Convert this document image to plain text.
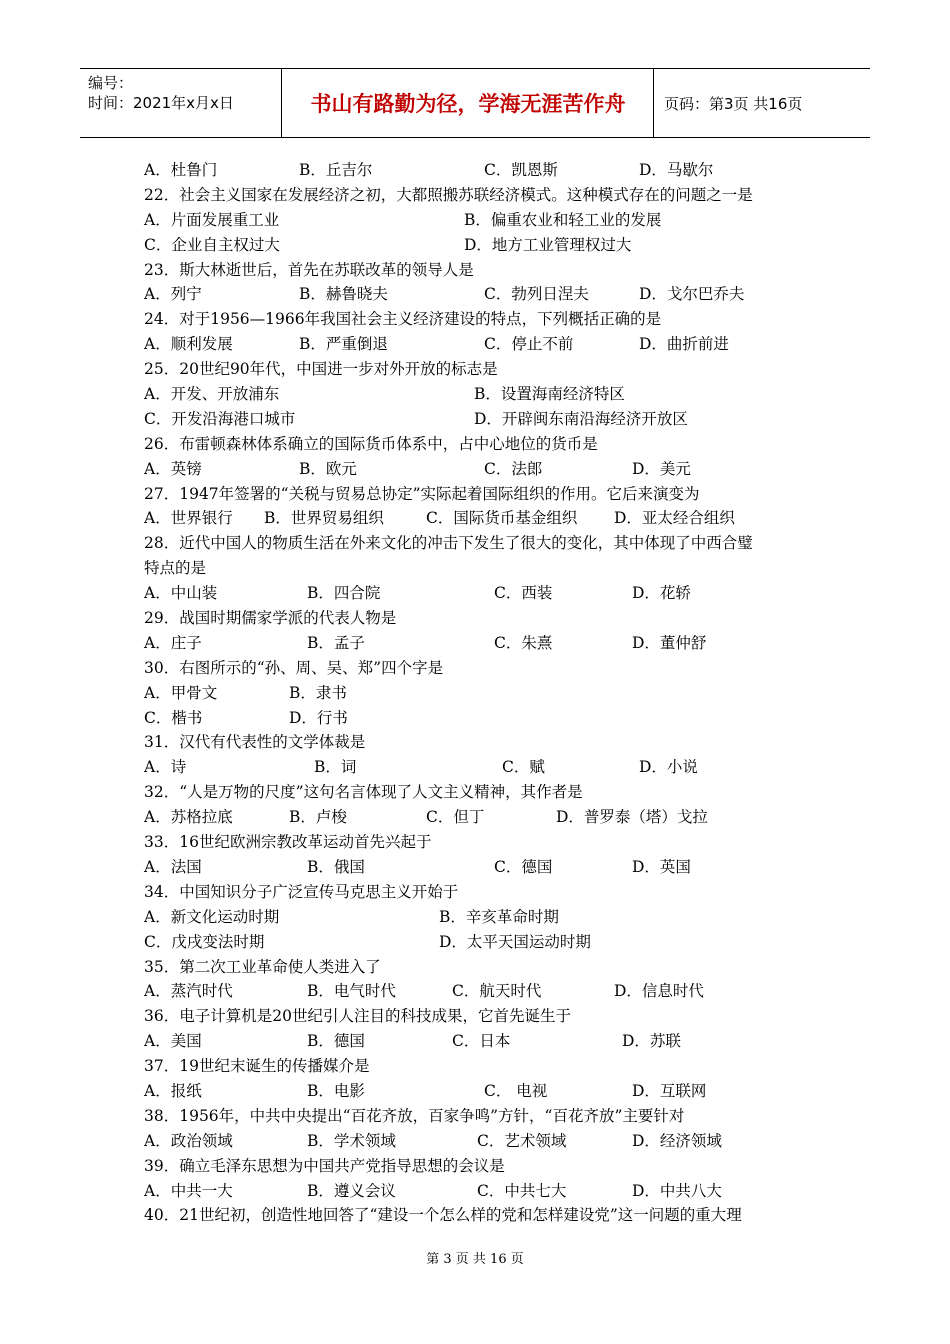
编号：
时间：2021年x月x日	书山有路勤为径，学海无涯苦作舟	页码：第3页 共16页
A．杜鲁门	B．丘吉尔	C．凯恩斯	D．马歇尔
22．社会主义国家在发展经济之初，大都照搬苏联经济模式。这种模式存在的问题之一是
A．片面发展重工业	B．偏重农业和轻工业的发展
C．企业自主权过大	D．地方工业管理权过大
23．斯大林逝世后，首先在苏联改革的领导人是
A．列宁	B．赫鲁晓夫	C．勃列日涅夫	D．戈尔巴乔夫
24．对于1956—1966年我国社会主义经济建设的特点，下列概括正确的是
A．顺利发展	B．严重倒退	C．停止不前	D．曲折前进
25．20世纪90年代，中国进一步对外开放的标志是
A．开发、开放浦东	B．设置海南经济特区
C．开发沿海港口城市	D．开辟闽东南沿海经济开放区
26．布雷顿森林体系确立的国际货币体系中，占中心地位的货币是
A．英镑	B．欧元	C．法郎	D．美元
27．1947年签署的“关税与贸易总协定”实际起着国际组织的作用。它后来演变为
A．世界银行 B．世界贸易组织	C．国际货币基金组织 D．亚太经合组织
28．近代中国人的物质生活在外来文化的冲击下发生了很大的变化，其中体现了中西合璧
特点的是
A．中山装	B．四合院	C．西装	D．花轿
29．战国时期儒家学派的代表人物是
A．庄子	B．孟子	C．朱熹	D．董仲舒
30．右图所示的“孙、周、吴、郑”四个字是
A．甲骨文	B．隶书
C．楷书	D．行书
31．汉代有代表性的文学体裁是
A．诗	B．词	C．赋	D．小说
32．“人是万物的尺度”这句名言体现了人文主义精神，其作者是
A．苏格拉底	B．卢梭	C．但丁	D．普罗泰（塔）戈拉
33．16世纪欧洲宗教改革运动首先兴起于
A．法国	B．俄国	C．德国	D．英国
34．中国知识分子广泛宣传马克思主义开始于
A．新文化运动时期	B．辛亥革命时期
C．戊戌变法时期	D．太平天国运动时期
35．第二次工业革命使人类进入了
A．蒸汽时代	B．电气时代	C．航天时代	D．信息时代
36．电子计算机是20世纪引人注目的科技成果，它首先诞生于
A．美国	B．德国	C．日本	D．苏联
37．19世纪末诞生的传播媒介是
A．报纸	B．电影	C． 电视	D．互联网
38．1956年，中共中央提出“百花齐放，百家争鸣”方针，“百花齐放”主要针对
A．政治领域	B．学术领域	C．艺术领域	D．经济领域
39．确立毛泽东思想为中国共产党指导思想的会议是
A．中共一大	B．遵义会议	C．中共七大	D．中共八大
40．21世纪初，创造性地回答了“建设一个怎么样的党和怎样建设党”这一问题的重大理
第 3 页 共 16 页
